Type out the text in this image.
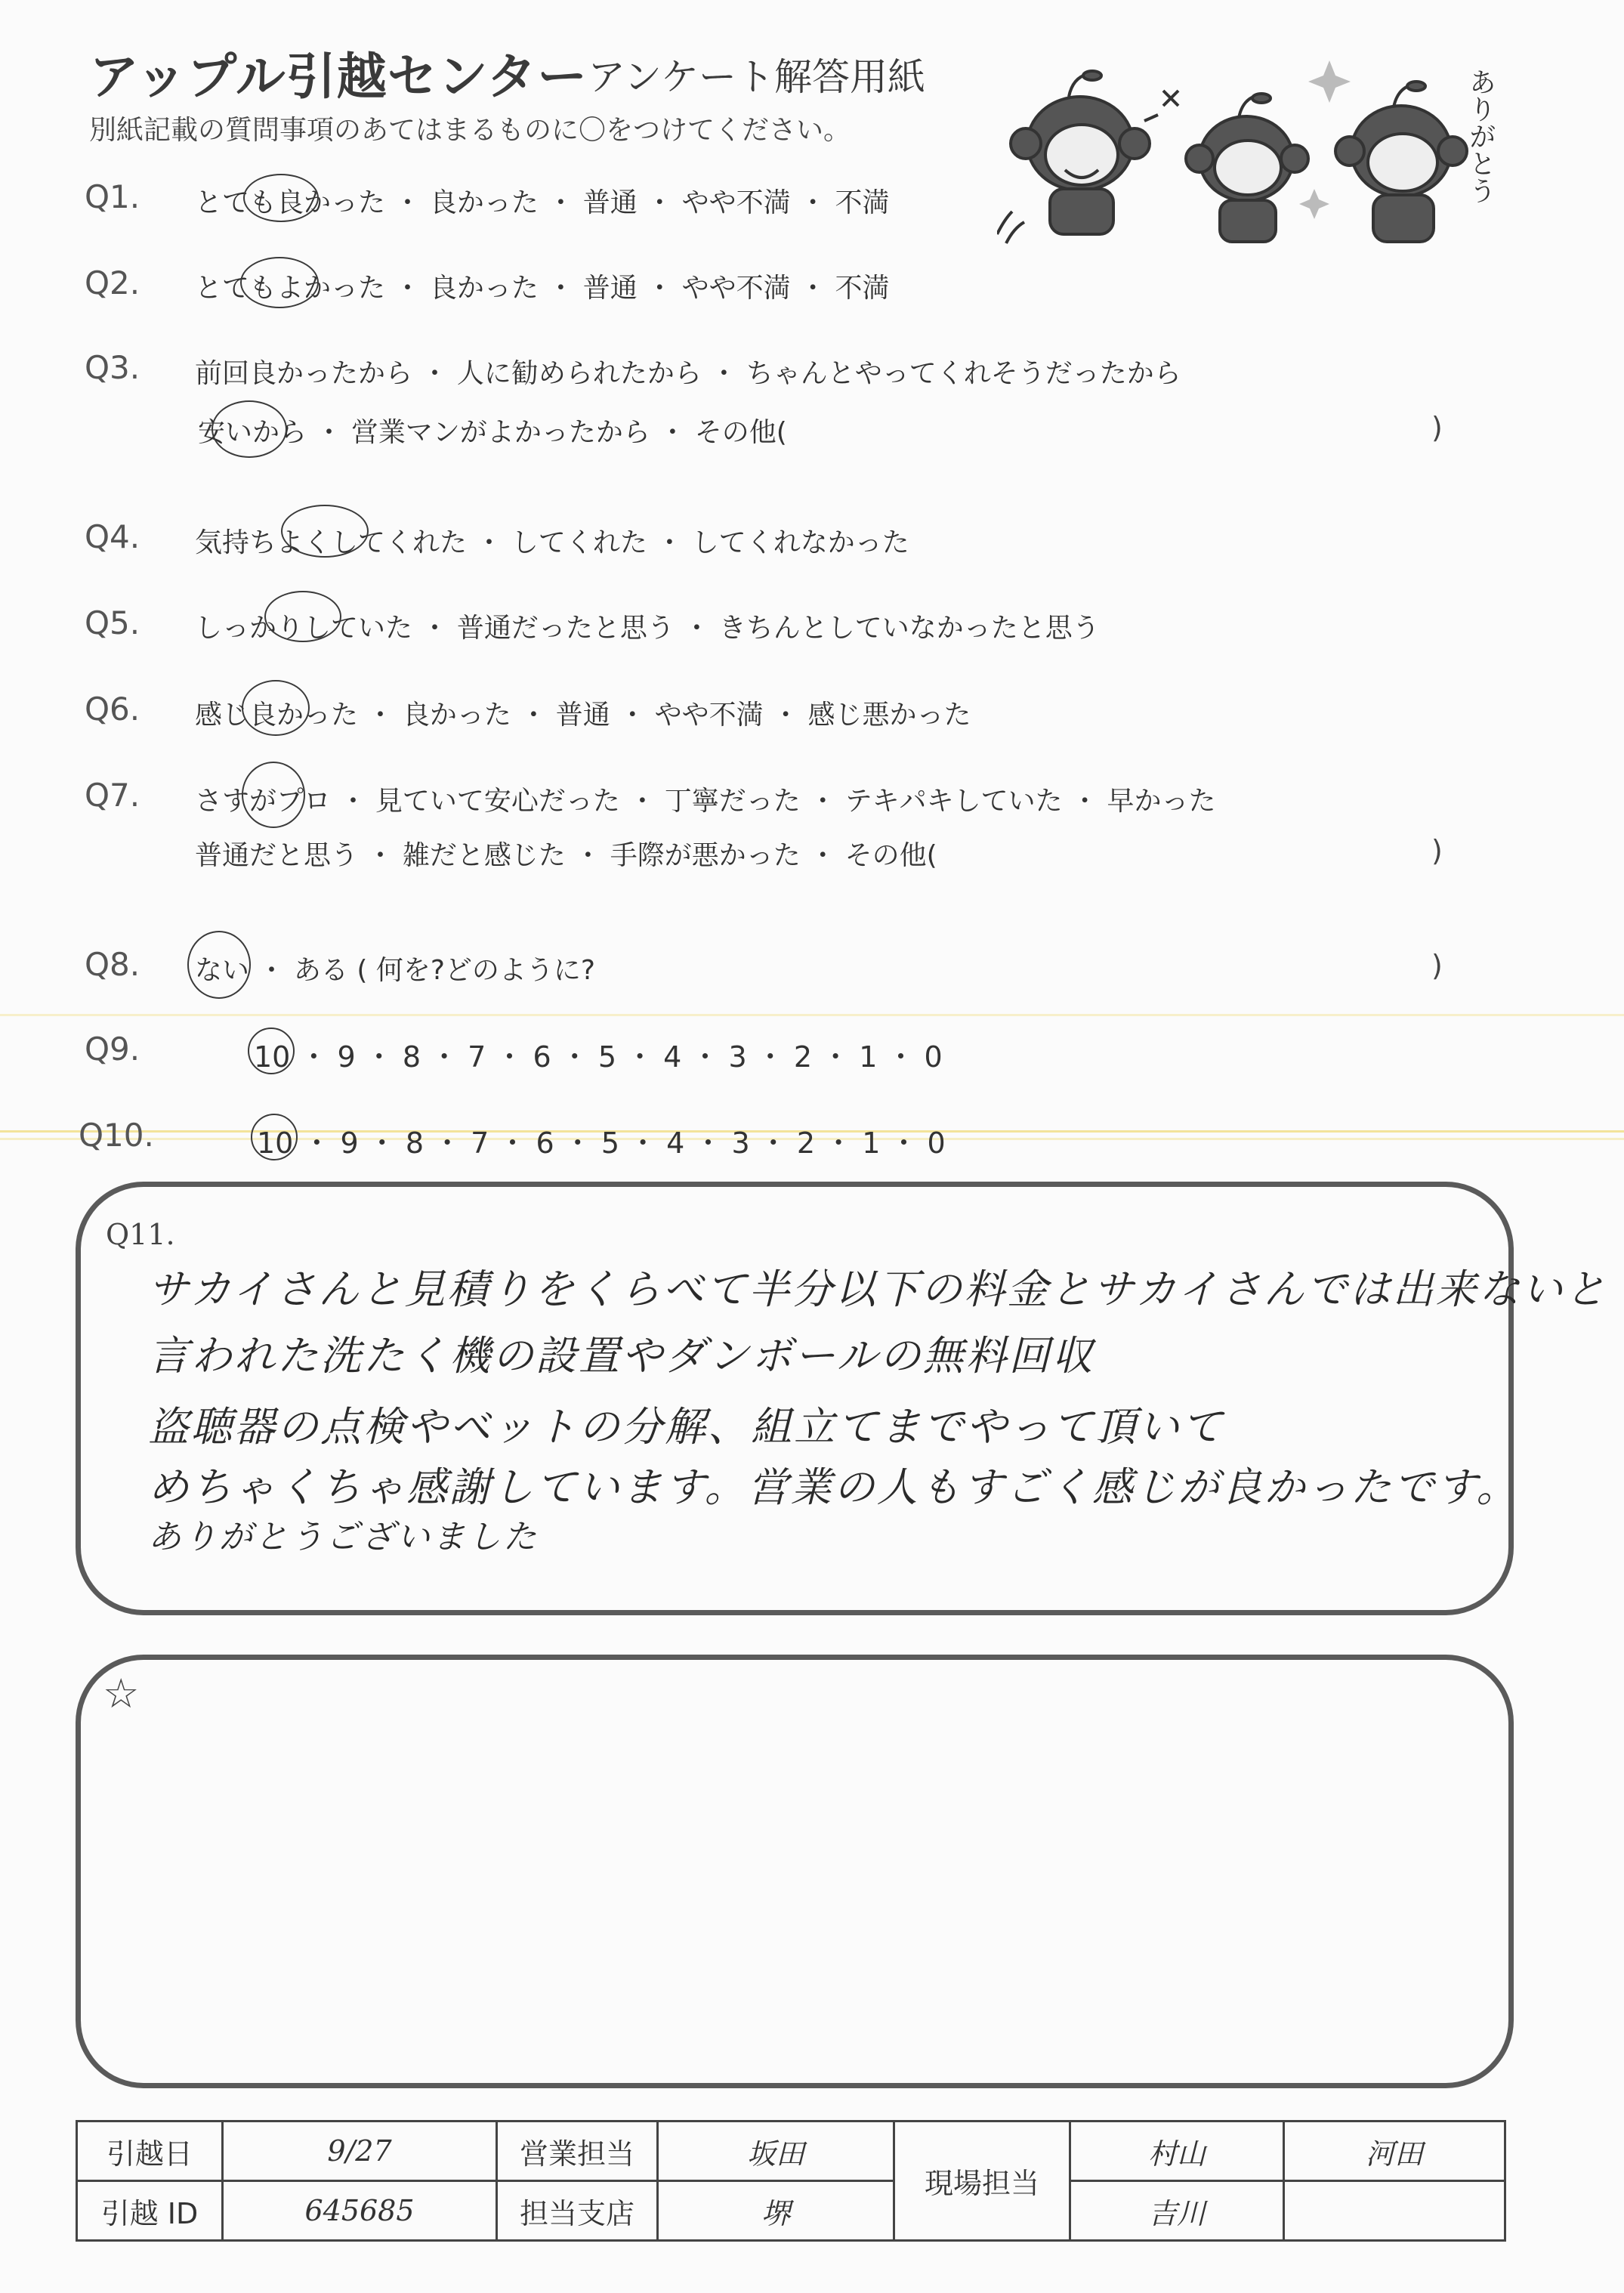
アップル引越センター アンケート解答用紙
別紙記載の質問事項のあてはまるものに〇をつけてください。	ありがとう
Q1. とても良かった ・ 良かった ・ 普通 ・ やや不満 ・ 不満
Q2. とてもよかった ・ 良かった ・ 普通 ・ やや不満 ・ 不満
Q3. 前回良かったから ・ 人に勧められたから ・ ちゃんとやってくれそうだったから
安いから ・ 営業マンがよかったから ・ その他(	)
Q4. 気持ちよくしてくれた ・ してくれた ・ してくれなかった
Q5. しっかりしていた ・ 普通だったと思う ・ きちんとしていなかったと思う
Q6. 感じ良かった ・ 良かった ・ 普通 ・ やや不満 ・ 感じ悪かった
Q7. さすがプロ ・ 見ていて安心だった ・ 丁寧だった ・ テキパキしていた ・ 早かった
普通だと思う ・ 雑だと感じた ・ 手際が悪かった ・ その他(	)
Q8. ない ・ ある ( 何を?どのように?	)
Q9.	10 ・ 9 ・ 8 ・ 7 ・ 6 ・ 5 ・ 4 ・ 3 ・ 2 ・ 1 ・ 0
Q10.	10 ・ 9 ・ 8 ・ 7 ・ 6 ・ 5 ・ 4 ・ 3 ・ 2 ・ 1 ・ 0
Q11.
サカイさんと見積りをくらべて半分以下の料金とサカイさんでは出来ないと
言われた洗たく機の設置やダンボールの無料回収
盗聴器の点検やベットの分解、組立てまでやって頂いて
めちゃくちゃ感謝しています。営業の人もすごく感じが良かったです。
ありがとうございました
☆
引越日	9/27	営業担当	坂田	現場担当	村山	河田
引越 ID	645685	担当支店	堺		吉川	
